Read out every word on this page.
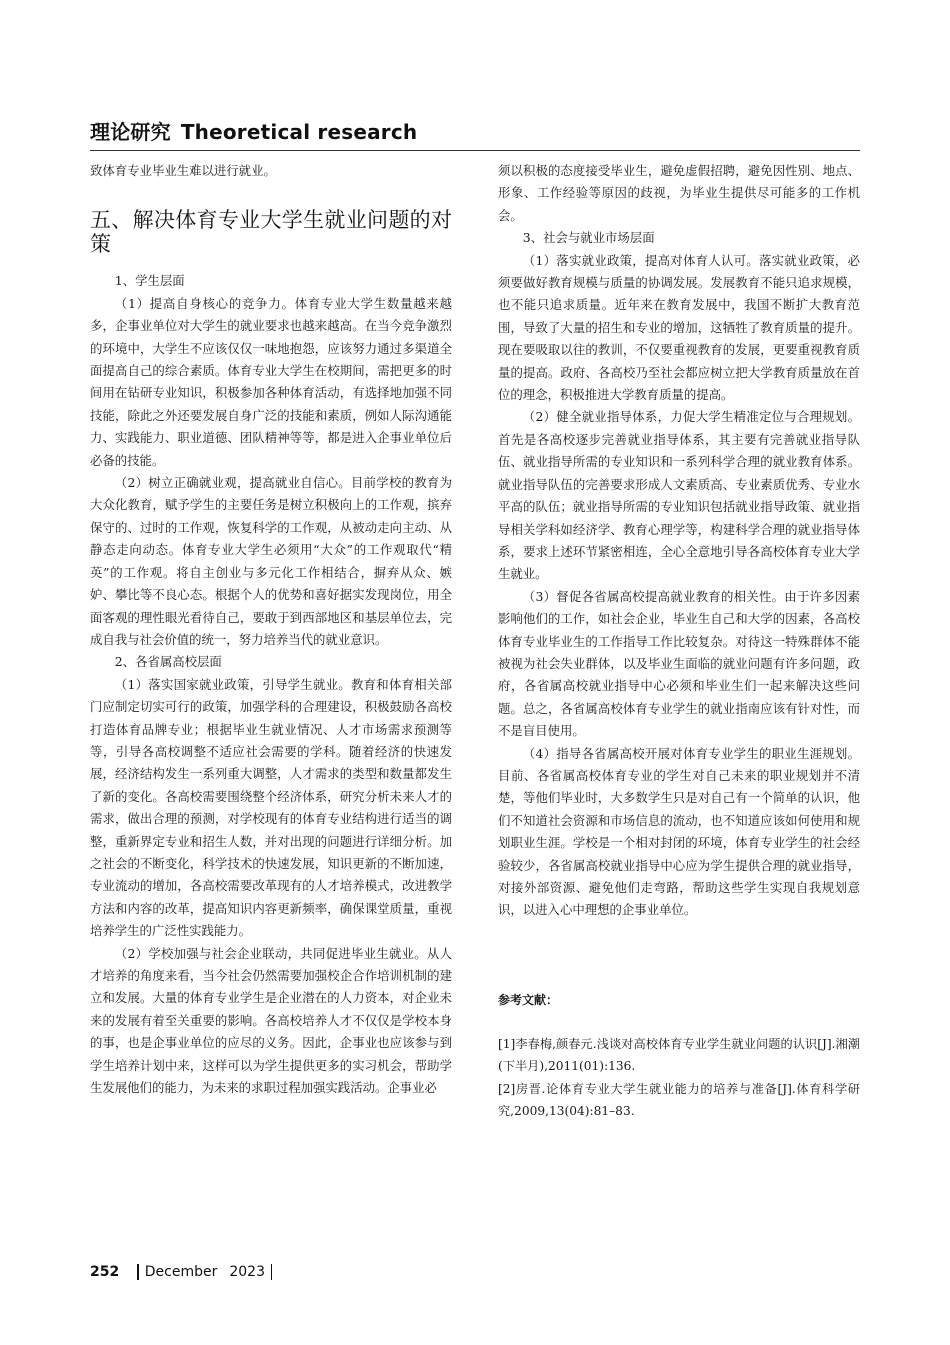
理论研究 Theoretical research

致体育专业毕业生难以进行就业。

五、解决体育专业大学生就业问题的对策

1、学生层面

（1）提高自身核心的竞争力。体育专业大学生数量越来越多，企事业单位对大学生的就业要求也越来越高。在当今竞争激烈的环境中，大学生不应该仅仅一味地抱怨，应该努力通过多渠道全面提高自己的综合素质。体育专业大学生在校期间，需把更多的时间用在钻研专业知识，积极参加各种体育活动，有选择地加强不同技能，除此之外还要发展自身广泛的技能和素质，例如人际沟通能力、实践能力、职业道德、团队精神等等，都是进入企事业单位后必备的技能。

（2）树立正确就业观，提高就业自信心。目前学校的教育为大众化教育，赋予学生的主要任务是树立积极向上的工作观，摈弃保守的、过时的工作观，恢复科学的工作观，从被动走向主动、从静态走向动态。体育专业大学生必须用“大众”的工作观取代“精英”的工作观。将自主创业与多元化工作相结合，摒弃从众、嫉妒、攀比等不良心态。根据个人的优势和喜好据实发现岗位，用全面客观的理性眼光看待自己，要敢于到西部地区和基层单位去，完成自我与社会价值的统一，努力培养当代的就业意识。

2、各省属高校层面

（1）落实国家就业政策，引导学生就业。教育和体育相关部门应制定切实可行的政策，加强学科的合理建设，积极鼓励各高校打造体育品牌专业；根据毕业生就业情况、人才市场需求预测等等，引导各高校调整不适应社会需要的学科。随着经济的快速发展，经济结构发生一系列重大调整，人才需求的类型和数量都发生了新的变化。各高校需要围绕整个经济体系，研究分析未来人才的需求，做出合理的预测，对学校现有的体育专业结构进行适当的调整，重新界定专业和招生人数，并对出现的问题进行详细分析。加之社会的不断变化，科学技术的快速发展，知识更新的不断加速，专业流动的增加，各高校需要改革现有的人才培养模式，改进教学方法和内容的改革，提高知识内容更新频率，确保课堂质量，重视培养学生的广泛性实践能力。

（2）学校加强与社会企业联动，共同促进毕业生就业。从人才培养的角度来看，当今社会仍然需要加强校企合作培训机制的建立和发展。大量的体育专业学生是企业潜在的人力资本，对企业未来的发展有着至关重要的影响。各高校培养人才不仅仅是学校本身的事，也是企事业单位的应尽的义务。因此，企事业也应该参与到学生培养计划中来，这样可以为学生提供更多的实习机会，帮助学生发展他们的能力，为未来的求职过程加强实践活动。企事业必

须以积极的态度接受毕业生，避免虚假招聘，避免因性别、地点、形象、工作经验等原因的歧视，为毕业生提供尽可能多的工作机会。

3、社会与就业市场层面

（1）落实就业政策，提高对体育人认可。落实就业政策，必须要做好教育规模与质量的协调发展。发展教育不能只追求规模，也不能只追求质量。近年来在教育发展中，我国不断扩大教育范围，导致了大量的招生和专业的增加，这牺牲了教育质量的提升。现在要吸取以往的教训，不仅要重视教育的发展，更要重视教育质量的提高。政府、各高校乃至社会都应树立把大学教育质量放在首位的理念，积极推进大学教育质量的提高。

（2）健全就业指导体系，力促大学生精准定位与合理规划。首先是各高校逐步完善就业指导体系，其主要有完善就业指导队伍、就业指导所需的专业知识和一系列科学合理的就业教育体系。就业指导队伍的完善要求形成人文素质高、专业素质优秀、专业水平高的队伍；就业指导所需的专业知识包括就业指导政策、就业指导相关学科如经济学、教育心理学等，构建科学合理的就业指导体系，要求上述环节紧密相连，全心全意地引导各高校体育专业大学生就业。

（3）督促各省属高校提高就业教育的相关性。由于许多因素影响他们的工作，如社会企业，毕业生自己和大学的因素，各高校体育专业毕业生的工作指导工作比较复杂。对待这一特殊群体不能被视为社会失业群体，以及毕业生面临的就业问题有许多问题，政府，各省属高校就业指导中心必须和毕业生们一起来解决这些问题。总之，各省属高校体育专业学生的就业指南应该有针对性，而不是盲目使用。

（4）指导各省属高校开展对体育专业学生的职业生涯规划。目前、各省属高校体育专业的学生对自己未来的职业规划并不清楚，等他们毕业时，大多数学生只是对自己有一个简单的认识，他们不知道社会资源和市场信息的流动，也不知道应该如何使用和规划职业生涯。学校是一个相对封闭的环境，体育专业学生的社会经验较少，各省属高校就业指导中心应为学生提供合理的就业指导，对接外部资源、避免他们走弯路，帮助这些学生实现自我规划意识，以进入心中理想的企事业单位。

参考文献：

[1]李春梅,颜春元.浅谈对高校体育专业学生就业问题的认识[J].湘潮(下半月),2011(01):136.

[2]房晋.论体育专业大学生就业能力的培养与准备[J].体育科学研究,2009,13(04):81–83.

252 December 2023
